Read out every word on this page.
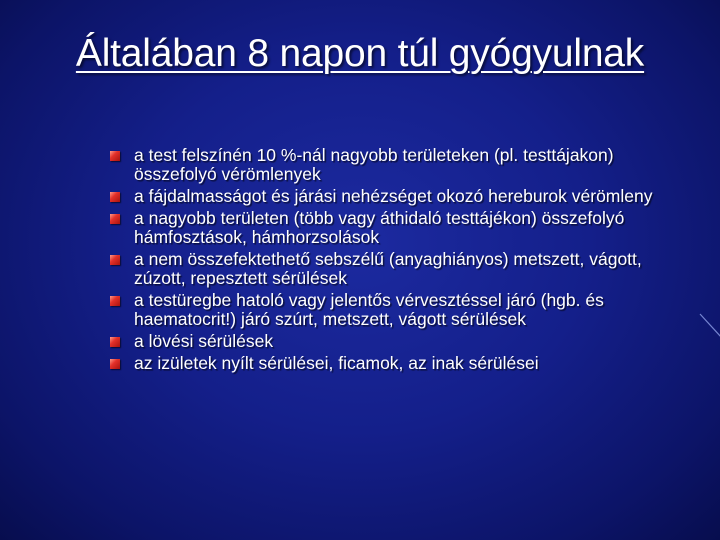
Általában 8 napon túl gyógyulnak
a test felszínén 10 %-nál nagyobb területeken (pl. testtájakon) összefolyó vérömlenyek
a fájdalmasságot és járási nehézséget okozó hereburok vérömleny
a nagyobb területen (több vagy áthidaló testtájékon) összefolyó hámfosztások, hámhorzsolások
a nem összefektethető sebszélű (anyaghiányos) metszett, vágott, zúzott, repesztett sérülések
a testüregbe hatoló vagy jelentős vérvesztéssel járó (hgb. és haematocrit!) járó szúrt, metszett, vágott sérülések
a lövési sérülések
az izületek nyílt sérülései, ficamok, az inak sérülései
